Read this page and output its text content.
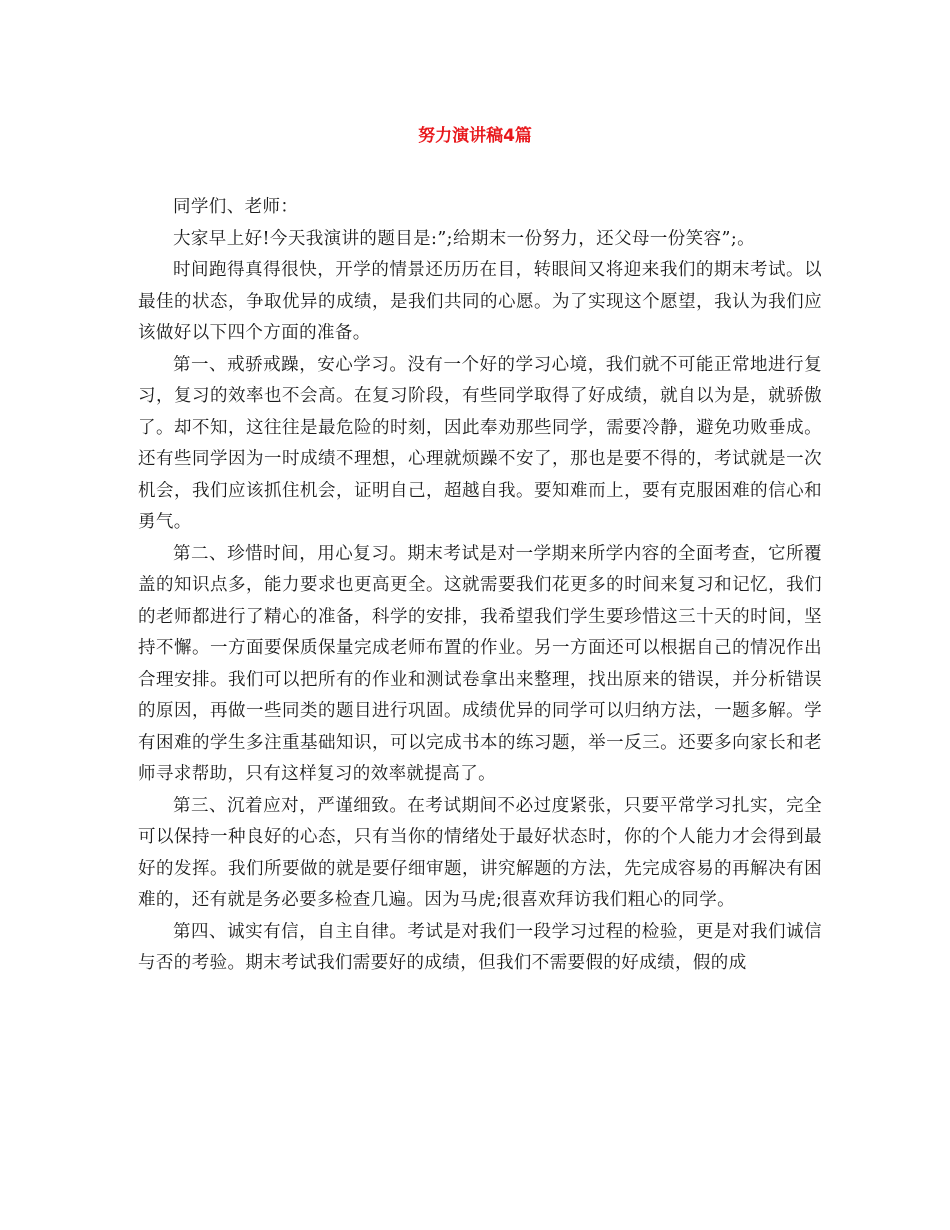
努力演讲稿4篇

同学们、老师：

大家早上好!今天我演讲的题目是:”;给期末一份努力，还父母一份笑容”;。

时间跑得真得很快，开学的情景还历历在目，转眼间又将迎来我们的期末考试。以最佳的状态，争取优异的成绩，是我们共同的心愿。为了实现这个愿望，我认为我们应该做好以下四个方面的准备。

第一、戒骄戒躁，安心学习。没有一个好的学习心境，我们就不可能正常地进行复习，复习的效率也不会高。在复习阶段，有些同学取得了好成绩，就自以为是，就骄傲了。却不知，这往往是最危险的时刻，因此奉劝那些同学，需要冷静，避免功败垂成。还有些同学因为一时成绩不理想，心理就烦躁不安了，那也是要不得的，考试就是一次机会，我们应该抓住机会，证明自己，超越自我。要知难而上，要有克服困难的信心和勇气。

第二、珍惜时间，用心复习。期末考试是对一学期来所学内容的全面考查，它所覆盖的知识点多，能力要求也更高更全。这就需要我们花更多的时间来复习和记忆，我们的老师都进行了精心的准备，科学的安排，我希望我们学生要珍惜这三十天的时间，坚持不懈。一方面要保质保量完成老师布置的作业。另一方面还可以根据自己的情况作出合理安排。我们可以把所有的作业和测试卷拿出来整理，找出原来的错误，并分析错误的原因，再做一些同类的题目进行巩固。成绩优异的同学可以归纳方法，一题多解。学有困难的学生多注重基础知识，可以完成书本的练习题，举一反三。还要多向家长和老师寻求帮助，只有这样复习的效率就提高了。

第三、沉着应对，严谨细致。在考试期间不必过度紧张，只要平常学习扎实，完全可以保持一种良好的心态，只有当你的情绪处于最好状态时，你的个人能力才会得到最好的发挥。我们所要做的就是要仔细审题，讲究解题的方法，先完成容易的再解决有困难的，还有就是务必要多检查几遍。因为马虎;很喜欢拜访我们粗心的同学。

第四、诚实有信，自主自律。考试是对我们一段学习过程的检验，更是对我们诚信与否的考验。期末考试我们需要好的成绩，但我们不需要假的好成绩，假的成
